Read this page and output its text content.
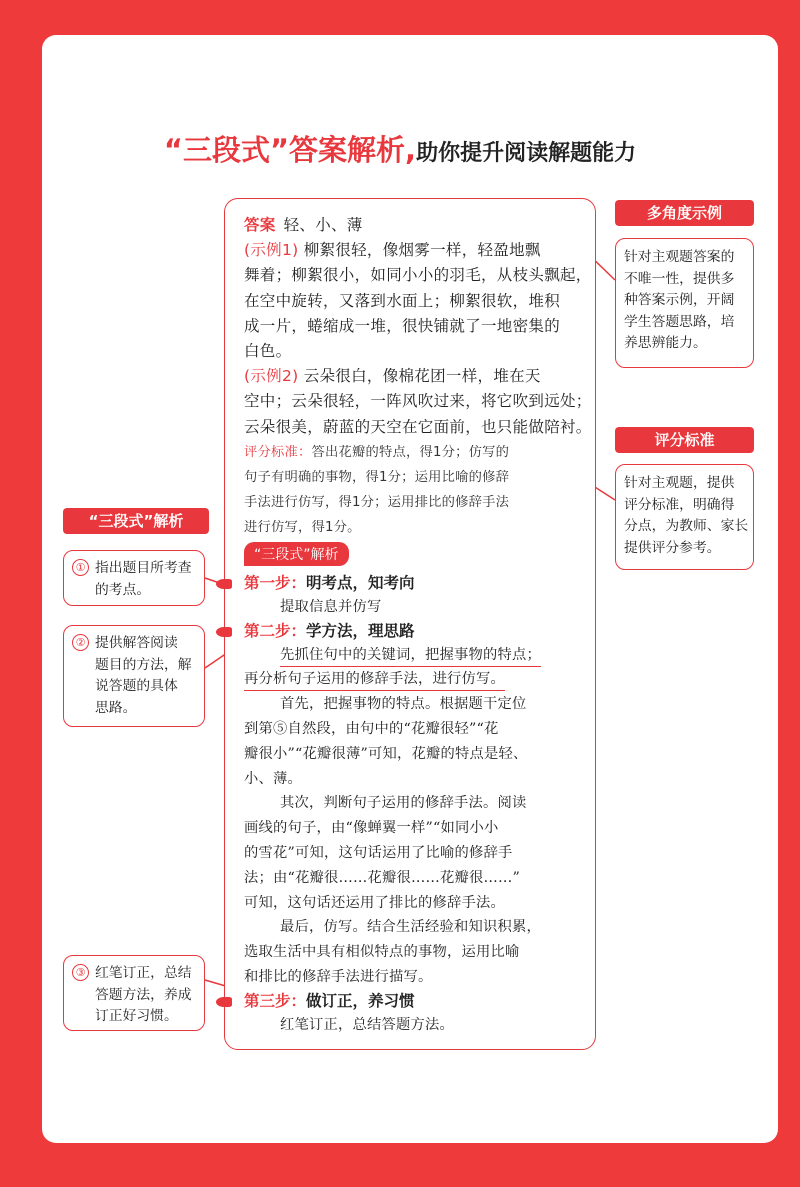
“三段式”答案解析,助你提升阅读解题能力
答案 轻、小、薄
(示例1) 柳絮很轻，像烟雾一样，轻盈地飘
舞着；柳絮很小，如同小小的羽毛，从枝头飘起，
在空中旋转，又落到水面上；柳絮很软，堆积
成一片，蜷缩成一堆，很快铺就了一地密集的
白色。
(示例2) 云朵很白，像棉花团一样，堆在天
空中；云朵很轻，一阵风吹过来，将它吹到远处；
云朵很美，蔚蓝的天空在它面前，也只能做陪衬。
评分标准：答出花瓣的特点，得1分；仿写的
句子有明确的事物，得1分；运用比喻的修辞
手法进行仿写，得1分；运用排比的修辞手法
进行仿写，得1分。
“三段式”解析
第一步：明考点，知考向
提取信息并仿写
第二步：学方法，理思路
先抓住句中的关键词，把握事物的特点；
再分析句子运用的修辞手法，进行仿写。
首先，把握事物的特点。根据题干定位
到第⑤自然段，由句中的“花瓣很轻”“花
瓣很小”“花瓣很薄”可知，花瓣的特点是轻、
小、薄。
其次，判断句子运用的修辞手法。阅读
画线的句子，由“像蝉翼一样”“如同小小
的雪花”可知，这句话运用了比喻的修辞手
法；由“花瓣很……花瓣很……花瓣很……”
可知，这句话还运用了排比的修辞手法。
最后，仿写。结合生活经验和知识积累，
选取生活中具有相似特点的事物，运用比喻
和排比的修辞手法进行描写。
第三步：做订正，养习惯
红笔订正，总结答题方法。
多角度示例
针对主观题答案的
不唯一性，提供多
种答案示例，开阔
学生答题思路，培
养思辨能力。
评分标准
针对主观题，提供
评分标准，明确得
分点，为教师、家长
提供评分参考。
“三段式”解析
① 指出题目所考查
的考点。
② 提供解答阅读
题目的方法，解
说答题的具体
思路。
③ 红笔订正，总结
答题方法，养成
订正好习惯。
